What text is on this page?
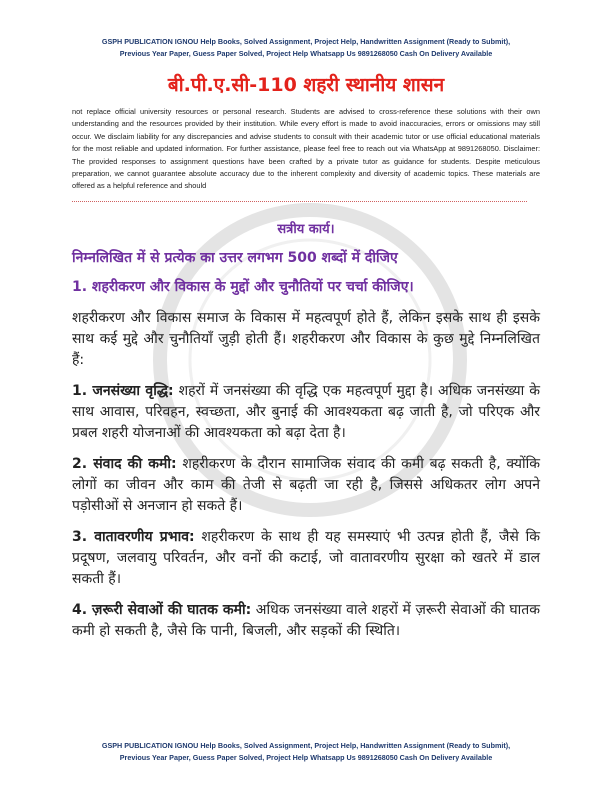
GSPH PUBLICATION IGNOU Help Books, Solved Assignment, Project Help, Handwritten Assignment (Ready to Submit),
Previous Year Paper, Guess Paper Solved, Project Help Whatsapp Us 9891268050 Cash On Delivery Available
बी.पी.ए.सी-110 शहरी स्थानीय शासन
not replace official university resources or personal research. Students are advised to cross-reference these solutions with their own understanding and the resources provided by their institution. While every effort is made to avoid inaccuracies, errors or omissions may still occur. We disclaim liability for any discrepancies and advise students to consult with their academic tutor or use official educational materials for the most reliable and updated information. For further assistance, please feel free to reach out via WhatsApp at 9891268050. Disclaimer: The provided responses to assignment questions have been crafted by a private tutor as guidance for students. Despite meticulous preparation, we cannot guarantee absolute accuracy due to the inherent complexity and diversity of academic topics. These materials are offered as a helpful reference and should
सत्रीय कार्य।
निम्नलिखित में से प्रत्येक का उत्तर लगभग 500 शब्दों में दीजिए
1. शहरीकरण और विकास के मुद्दों और चुनौतियों पर चर्चा कीजिए।
शहरीकरण और विकास समाज के विकास में महत्वपूर्ण होते हैं, लेकिन इसके साथ ही इसके साथ कई मुद्दे और चुनौतियाँ जुड़ी होती हैं। शहरीकरण और विकास के कुछ मुद्दे निम्नलिखित हैं:
1. जनसंख्या वृद्धि: शहरों में जनसंख्या की वृद्धि एक महत्वपूर्ण मुद्दा है। अधिक जनसंख्या के साथ आवास, परिवहन, स्वच्छता, और बुनाई की आवश्यकता बढ़ जाती है, जो परिएक और प्रबल शहरी योजनाओं की आवश्यकता को बढ़ा देता है।
2. संवाद की कमी: शहरीकरण के दौरान सामाजिक संवाद की कमी बढ़ सकती है, क्योंकि लोगों का जीवन और काम की तेजी से बढ़ती जा रही है, जिससे अधिकतर लोग अपने पड़ोसीओं से अनजान हो सकते हैं।
3. वातावरणीय प्रभाव: शहरीकरण के साथ ही यह समस्याएं भी उत्पन्न होती हैं, जैसे कि प्रदूषण, जलवायु परिवर्तन, और वनों की कटाई, जो वातावरणीय सुरक्षा को खतरे में डाल सकती हैं।
4. ज़रूरी सेवाओं की घातक कमी: अधिक जनसंख्या वाले शहरों में ज़रूरी सेवाओं की घातक कमी हो सकती है, जैसे कि पानी, बिजली, और सड़कों की स्थिति।
GSPH PUBLICATION IGNOU Help Books, Solved Assignment, Project Help, Handwritten Assignment (Ready to Submit),
Previous Year Paper, Guess Paper Solved, Project Help Whatsapp Us 9891268050 Cash On Delivery Available
